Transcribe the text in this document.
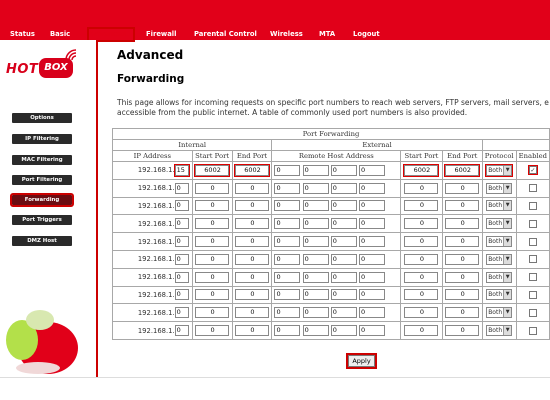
Status Basic	Advanced	Firewall	Parental Control Wireless MTA	Logout
HOT BOX
Options
IP Filtering
MAC Filtering
Port Filtering
Forwarding
Port Triggers
DMZ Host
Advanced
Forwarding
This page allows for incoming requests on specific port numbers to reach web servers, FTP servers, mail servers, e
accessible from the public internet. A table of commonly used port numbers is also provided.
Port Forwarding							
Internal			External				
IP Address	Start Port	End Port	Remote Host Address	Start Port	End Port	Protocol	Enabled
192.168.1. 15	6002	6002	0 0 0 0	6002	6002	Both ▼	✓
192.168.1. 0	0	0	0 0 0 0	0	0	Both ▼	

192.168.1. 0	0	0	0 0 0 0	0	0	Both ▼	

192.168.1. 0	0	0	0 0 0 0	0	0	Both ▼	

192.168.1. 0	0	0	0 0 0 0	0	0	Both ▼	

192.168.1. 0	0	0	0 0 0 0	0	0	Both ▼	

192.168.1. 0	0	0	0 0 0 0	0	0	Both ▼	

192.168.1. 0	0	0	0 0 0 0	0	0	Both ▼	

192.168.1. 0	0	0	0 0 0 0	0	0	Both ▼	

192.168.1. 0	0	0	0 0 0 0	0	0	Both ▼	

Apply
